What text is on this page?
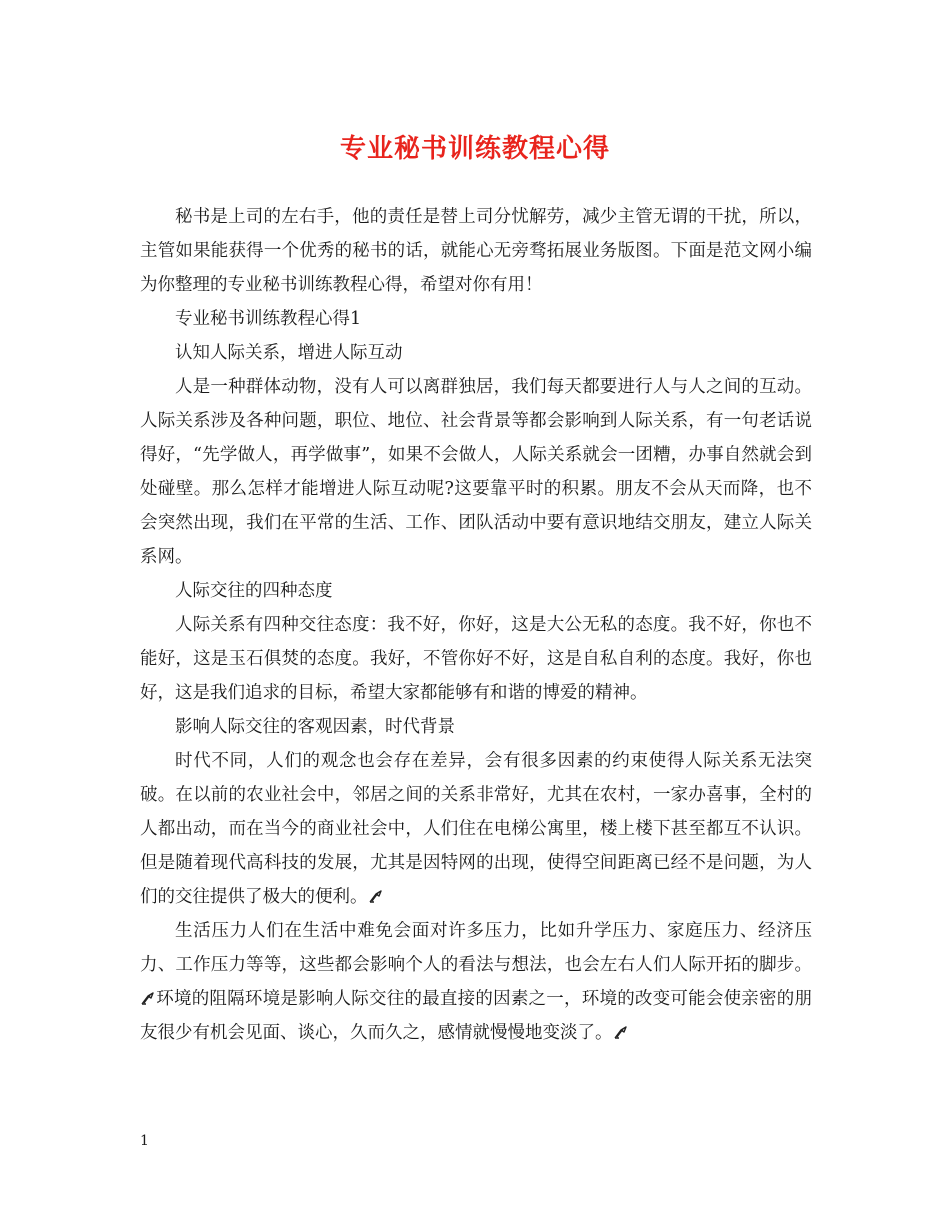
专业秘书训练教程心得

秘书是上司的左右手，他的责任是替上司分忧解劳，减少主管无谓的干扰，所以，主管如果能获得一个优秀的秘书的话，就能心无旁骛拓展业务版图。下面是范文网小编为你整理的专业秘书训练教程心得，希望对你有用！

专业秘书训练教程心得1

认知人际关系，增进人际互动

人是一种群体动物，没有人可以离群独居，我们每天都要进行人与人之间的互动。人际关系涉及各种问题，职位、地位、社会背景等都会影响到人际关系，有一句老话说得好，“先学做人，再学做事”，如果不会做人，人际关系就会一团糟，办事自然就会到处碰壁。那么怎样才能增进人际互动呢?这要靠平时的积累。朋友不会从天而降，也不会突然出现，我们在平常的生活、工作、团队活动中要有意识地结交朋友，建立人际关系网。

人际交往的四种态度

人际关系有四种交往态度：我不好，你好，这是大公无私的态度。我不好，你也不能好，这是玉石俱焚的态度。我好，不管你好不好，这是自私自利的态度。我好，你也好，这是我们追求的目标，希望大家都能够有和谐的博爱的精神。

影响人际交往的客观因素，时代背景

时代不同，人们的观念也会存在差异，会有很多因素的约束使得人际关系无法突破。在以前的农业社会中，邻居之间的关系非常好，尤其在农村，一家办喜事，全村的人都出动，而在当今的商业社会中，人们住在电梯公寓里，楼上楼下甚至都互不认识。但是随着现代高科技的发展，尤其是因特网的出现，使得空间距离已经不是问题，为人们的交往提供了极大的便利。

生活压力人们在生活中难免会面对许多压力，比如升学压力、家庭压力、经济压力、工作压力等等，这些都会影响个人的看法与想法，也会左右人们人际开拓的脚步。环境的阻隔环境是影响人际交往的最直接的因素之一，环境的改变可能会使亲密的朋友很少有机会见面、谈心，久而久之，感情就慢慢地变淡了。

1
